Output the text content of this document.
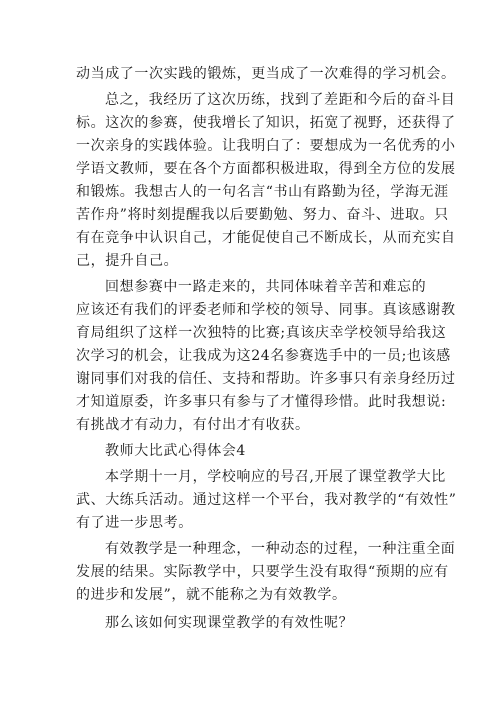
动当成了一次实践的锻炼，更当成了一次难得的学习机会。
总之，我经历了这次历练，找到了差距和今后的奋斗目
标。这次的参赛，使我增长了知识，拓宽了视野，还获得了
一次亲身的实践体验。让我明白了：要想成为一名优秀的小
学语文教师，要在各个方面都积极进取，得到全方位的发展
和锻炼。我想古人的一句名言“书山有路勤为径，学海无涯
苦作舟”将时刻提醒我以后要勤勉、努力、奋斗、进取。只
有在竞争中认识自己，才能促使自己不断成长，从而充实自
己，提升自己。
回想参赛中一路走来的，共同体味着辛苦和难忘的
应该还有我们的评委老师和学校的领导、同事。真该感谢教
育局组织了这样一次独特的比赛;真该庆幸学校领导给我这
次学习的机会，让我成为这24名参赛选手中的一员;也该感
谢同事们对我的信任、支持和帮助。许多事只有亲身经历过
才知道原委，许多事只有参与了才懂得珍惜。此时我想说:
有挑战才有动力，有付出才有收获。
教师大比武心得体会4
本学期十一月，学校响应的号召,开展了课堂教学大比
武、大练兵活动。通过这样一个平台，我对教学的“有效性”
有了进一步思考。
有效教学是一种理念，一种动态的过程，一种注重全面
发展的结果。实际教学中，只要学生没有取得“预期的应有
的进步和发展”，就不能称之为有效教学。
那么该如何实现课堂教学的有效性呢？
